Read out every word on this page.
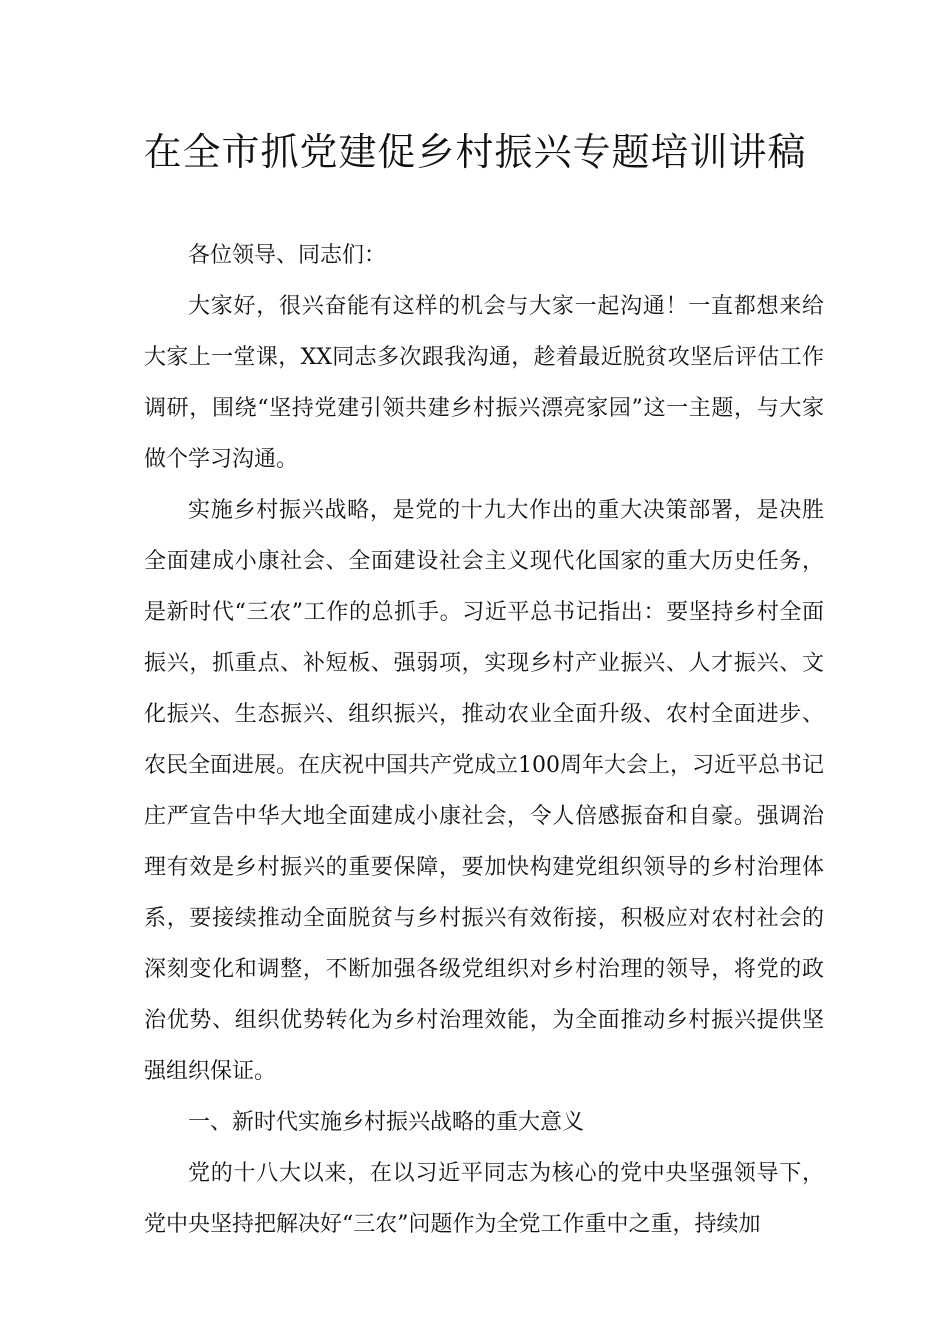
在全市抓党建促乡村振兴专题培训讲稿

各位领导、同志们：

大家好，很兴奋能有这样的机会与大家一起沟通！一直都想来给大家上一堂课，XX同志多次跟我沟通，趁着最近脱贫攻坚后评估工作调研，围绕“坚持党建引领共建乡村振兴漂亮家园”这一主题，与大家做个学习沟通。

实施乡村振兴战略，是党的十九大作出的重大决策部署，是决胜全面建成小康社会、全面建设社会主义现代化国家的重大历史任务，是新时代“三农”工作的总抓手。习近平总书记指出：要坚持乡村全面振兴，抓重点、补短板、强弱项，实现乡村产业振兴、人才振兴、文化振兴、生态振兴、组织振兴，推动农业全面升级、农村全面进步、农民全面进展。在庆祝中国共产党成立100周年大会上，习近平总书记庄严宣告中华大地全面建成小康社会，令人倍感振奋和自豪。强调治理有效是乡村振兴的重要保障，要加快构建党组织领导的乡村治理体系，要接续推动全面脱贫与乡村振兴有效衔接，积极应对农村社会的深刻变化和调整，不断加强各级党组织对乡村治理的领导，将党的政治优势、组织优势转化为乡村治理效能，为全面推动乡村振兴提供坚强组织保证。

一、新时代实施乡村振兴战略的重大意义

党的十八大以来，在以习近平同志为核心的党中央坚强领导下，党中央坚持把解决好“三农”问题作为全党工作重中之重，持续加
